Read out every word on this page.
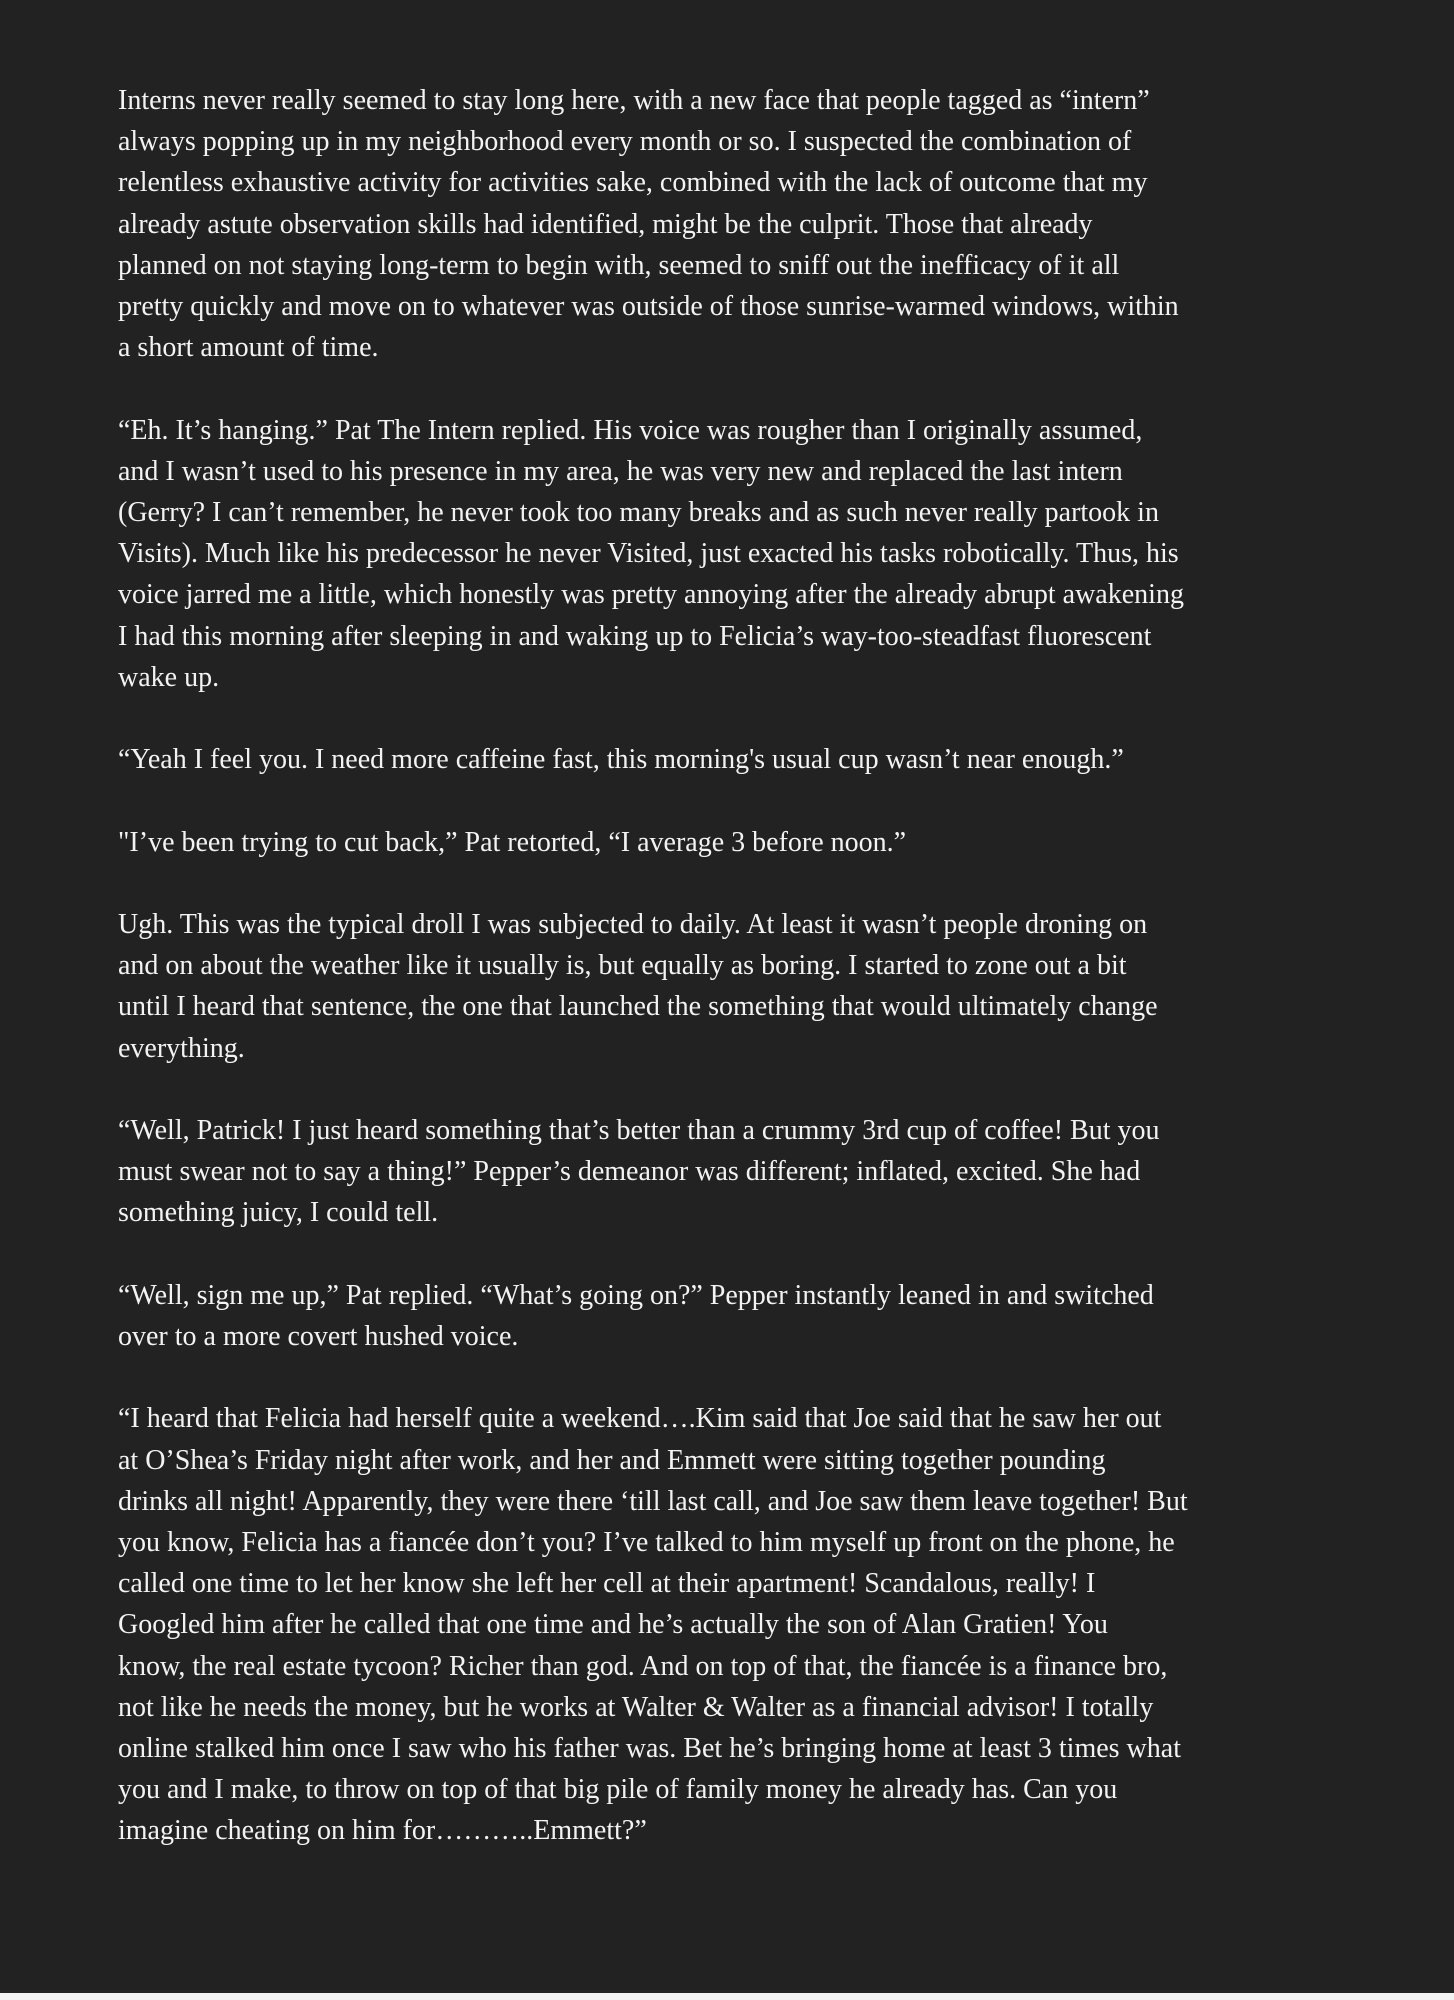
Interns never really seemed to stay long here, with a new face that people tagged as “intern”
always popping up in my neighborhood every month or so. I suspected the combination of
relentless exhaustive activity for activities sake, combined with the lack of outcome that my
already astute observation skills had identified, might be the culprit. Those that already
planned on not staying long-term to begin with, seemed to sniff out the inefficacy of it all
pretty quickly and move on to whatever was outside of those sunrise-warmed windows, within
a short amount of time.

“Eh. It’s hanging.” Pat The Intern replied. His voice was rougher than I originally assumed,
and I wasn’t used to his presence in my area, he was very new and replaced the last intern
(Gerry? I can’t remember, he never took too many breaks and as such never really partook in
Visits). Much like his predecessor he never Visited, just exacted his tasks robotically. Thus, his
voice jarred me a little, which honestly was pretty annoying after the already abrupt awakening
I had this morning after sleeping in and waking up to Felicia’s way-too-steadfast fluorescent
wake up.

“Yeah I feel you. I need more caffeine fast, this morning's usual cup wasn’t near enough.”

"I’ve been trying to cut back,” Pat retorted, “I average 3 before noon.”

Ugh. This was the typical droll I was subjected to daily. At least it wasn’t people droning on
and on about the weather like it usually is, but equally as boring. I started to zone out a bit
until I heard that sentence, the one that launched the something that would ultimately change
everything.

“Well, Patrick! I just heard something that’s better than a crummy 3rd cup of coffee! But you
must swear not to say a thing!” Pepper’s demeanor was different; inflated, excited. She had
something juicy, I could tell.

“Well, sign me up,” Pat replied. “What’s going on?” Pepper instantly leaned in and switched
over to a more covert hushed voice.

“I heard that Felicia had herself quite a weekend….Kim said that Joe said that he saw her out
at O’Shea’s Friday night after work, and her and Emmett were sitting together pounding
drinks all night! Apparently, they were there ‘till last call, and Joe saw them leave together! But
you know, Felicia has a fiancée don’t you? I’ve talked to him myself up front on the phone, he
called one time to let her know she left her cell at their apartment! Scandalous, really! I
Googled him after he called that one time and he’s actually the son of Alan Gratien! You
know, the real estate tycoon? Richer than god. And on top of that, the fiancée is a finance bro,
not like he needs the money, but he works at Walter & Walter as a financial advisor! I totally
online stalked him once I saw who his father was. Bet he’s bringing home at least 3 times what
you and I make, to throw on top of that big pile of family money he already has. Can you
imagine cheating on him for………..Emmett?”
